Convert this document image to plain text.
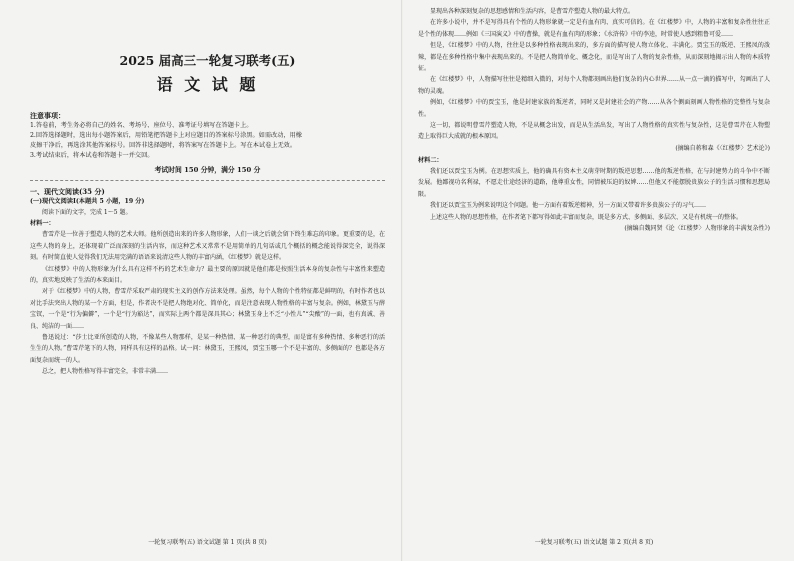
2025 届高三一轮复习联考(五)
语 文 试 题
注意事项：
1.答卷前，考生务必将自己的姓名、考场号、座位号、准考证号填写在答题卡上。
2.回答选择题时，选出每小题答案后，用铅笔把答题卡上对应题目的答案标号涂黑。如需改动，用橡
皮擦干净后，再选涂其他答案标号。回答非选择题时，将答案写在答题卡上。写在本试卷上无效。
3.考试结束后，将本试卷和答题卡一并交回。
考试时间 150 分钟，满分 150 分
一、现代文阅读(35 分)
(一)现代文阅读Ⅰ(本题共 5 小题，19 分)
阅读下面的文字，完成 1～5 题。
材料一：

曹雪芹是一位善于塑造人物的艺术大师。他所创造出来的许多人物形象，人们一谈之后就会留下终生难忘的印象。更重要的是，在这些人物的身上，还体现着广泛而深刻的生活内容，而这种艺术又常常不是用简单的几句话或几个概括的概念能说得深完全，说得深刻。有时简直使人觉得我们无法用完满的语语来说清这些人物的丰富内涵，《红楼梦》就是这样。

《红楼梦》中的人物形象为什么具有这样不朽的艺术生命力？最主要的原因就是他们都是按照生活本身的复杂性与丰富性来塑造的，真实地反映了生活的本来面目。

对于《红楼梦》中的人物，曹雪芹采取严肃的现实主义的创作方法来处理。虽然，每个人物的个性特征都是鲜明的，有时作者也以对比手法突出人物的某一个方面，但是，作者决不是把人物绝对化、简单化，而是注意表现人物性格的丰富与复杂。例如，林黛玉与薛宝钗，一个是“行为偏僻”，一个是“行为豁达”，而实际上两个都是深具其心；林黛玉身上不乏“小性儿”“尖酸”的一面，也有真诚、善良、纯洁的一面……

鲁迅说过：“莎士比亚所创造的人物，不像某些人物那样，是某一种热情、某一种恶行的典型，而是富有多种热情、多种恶行的活生生的人物。”曹雪芹笔下的人物，同样具有这样的品格。试一问：林黛玉，王熙凤，贾宝玉哪一个不是丰富的、多侧面的？也都是各方面复杂而统一的人。

总之，把人物性格写得丰富完全，非常丰满……

一轮复习联考(五) 语文试题 第 1 页(共 8 页)

显现出各种深刻复杂的思想感情和生活内容，是曹雪芹塑造人物的最大特点。

在许多小说中，并不是写得具有个性的人物形象就一定是有血有肉、真实可信的。在《红楼梦》中，人物的丰富和复杂性往往正是个性的体现……例如《三国演义》中的曹操，就是有血有肉的形象；《水浒传》中的李逵，时常使人感到粗鲁可爱……

但是，《红楼梦》中的人物，往往是以多种性格表现出来的，多方面的描写使人物立体化、丰满化。贾宝玉的叛逆、王熙凤的泼辣，都是在多种性格中集中表现出来的。不是把人物简单化、概念化，而是写出了人物的复杂性格，从而深刻地揭示出人物的本质特征。

在《红楼梦》中，人物描写往往是精细入微的，对每个人物都刻画出他们复杂的内心世界……从一点一滴的描写中，勾画出了人物的灵魂。

例如，《红楼梦》中的贾宝玉，他是封建家族的叛逆者，同时又是封建社会的产物……从各个侧面刻画人物性格的完整性与复杂性。

这一切，都说明曹雪芹塑造人物，不是从概念出发，而是从生活出发，写出了人物性格的真实性与复杂性，这是曹雪芹在人物塑造上取得巨大成就的根本原因。

(摘编自蒋和森《〈红楼梦〉艺术论》)
材料二：

我们还以贾宝玉为例。在思想实质上，他的确具有资本主义萌芽时期的叛逆思想……他的叛逆性格，在与封建势力的斗争中不断发展。他鄙视功名利禄，不愿走仕途经济的道路，他尊重女性，同情被压迫的奴婢……但他又不能摆脱贵族公子的生活习惯和思想局限。

我们还以贾宝玉为例来说明这个问题。他一方面有着叛逆精神，另一方面又带着许多贵族公子的习气……

上述这些人物的思想性格，在作者笔下都写得如此丰富而复杂，既是多方式、多侧面、多层次、又是有机统一的整体。

(摘编自魏同贤《论〈红楼梦〉人物形象的丰满复杂性》)
一轮复习联考(五) 语文试题 第 2 页(共 8 页)
